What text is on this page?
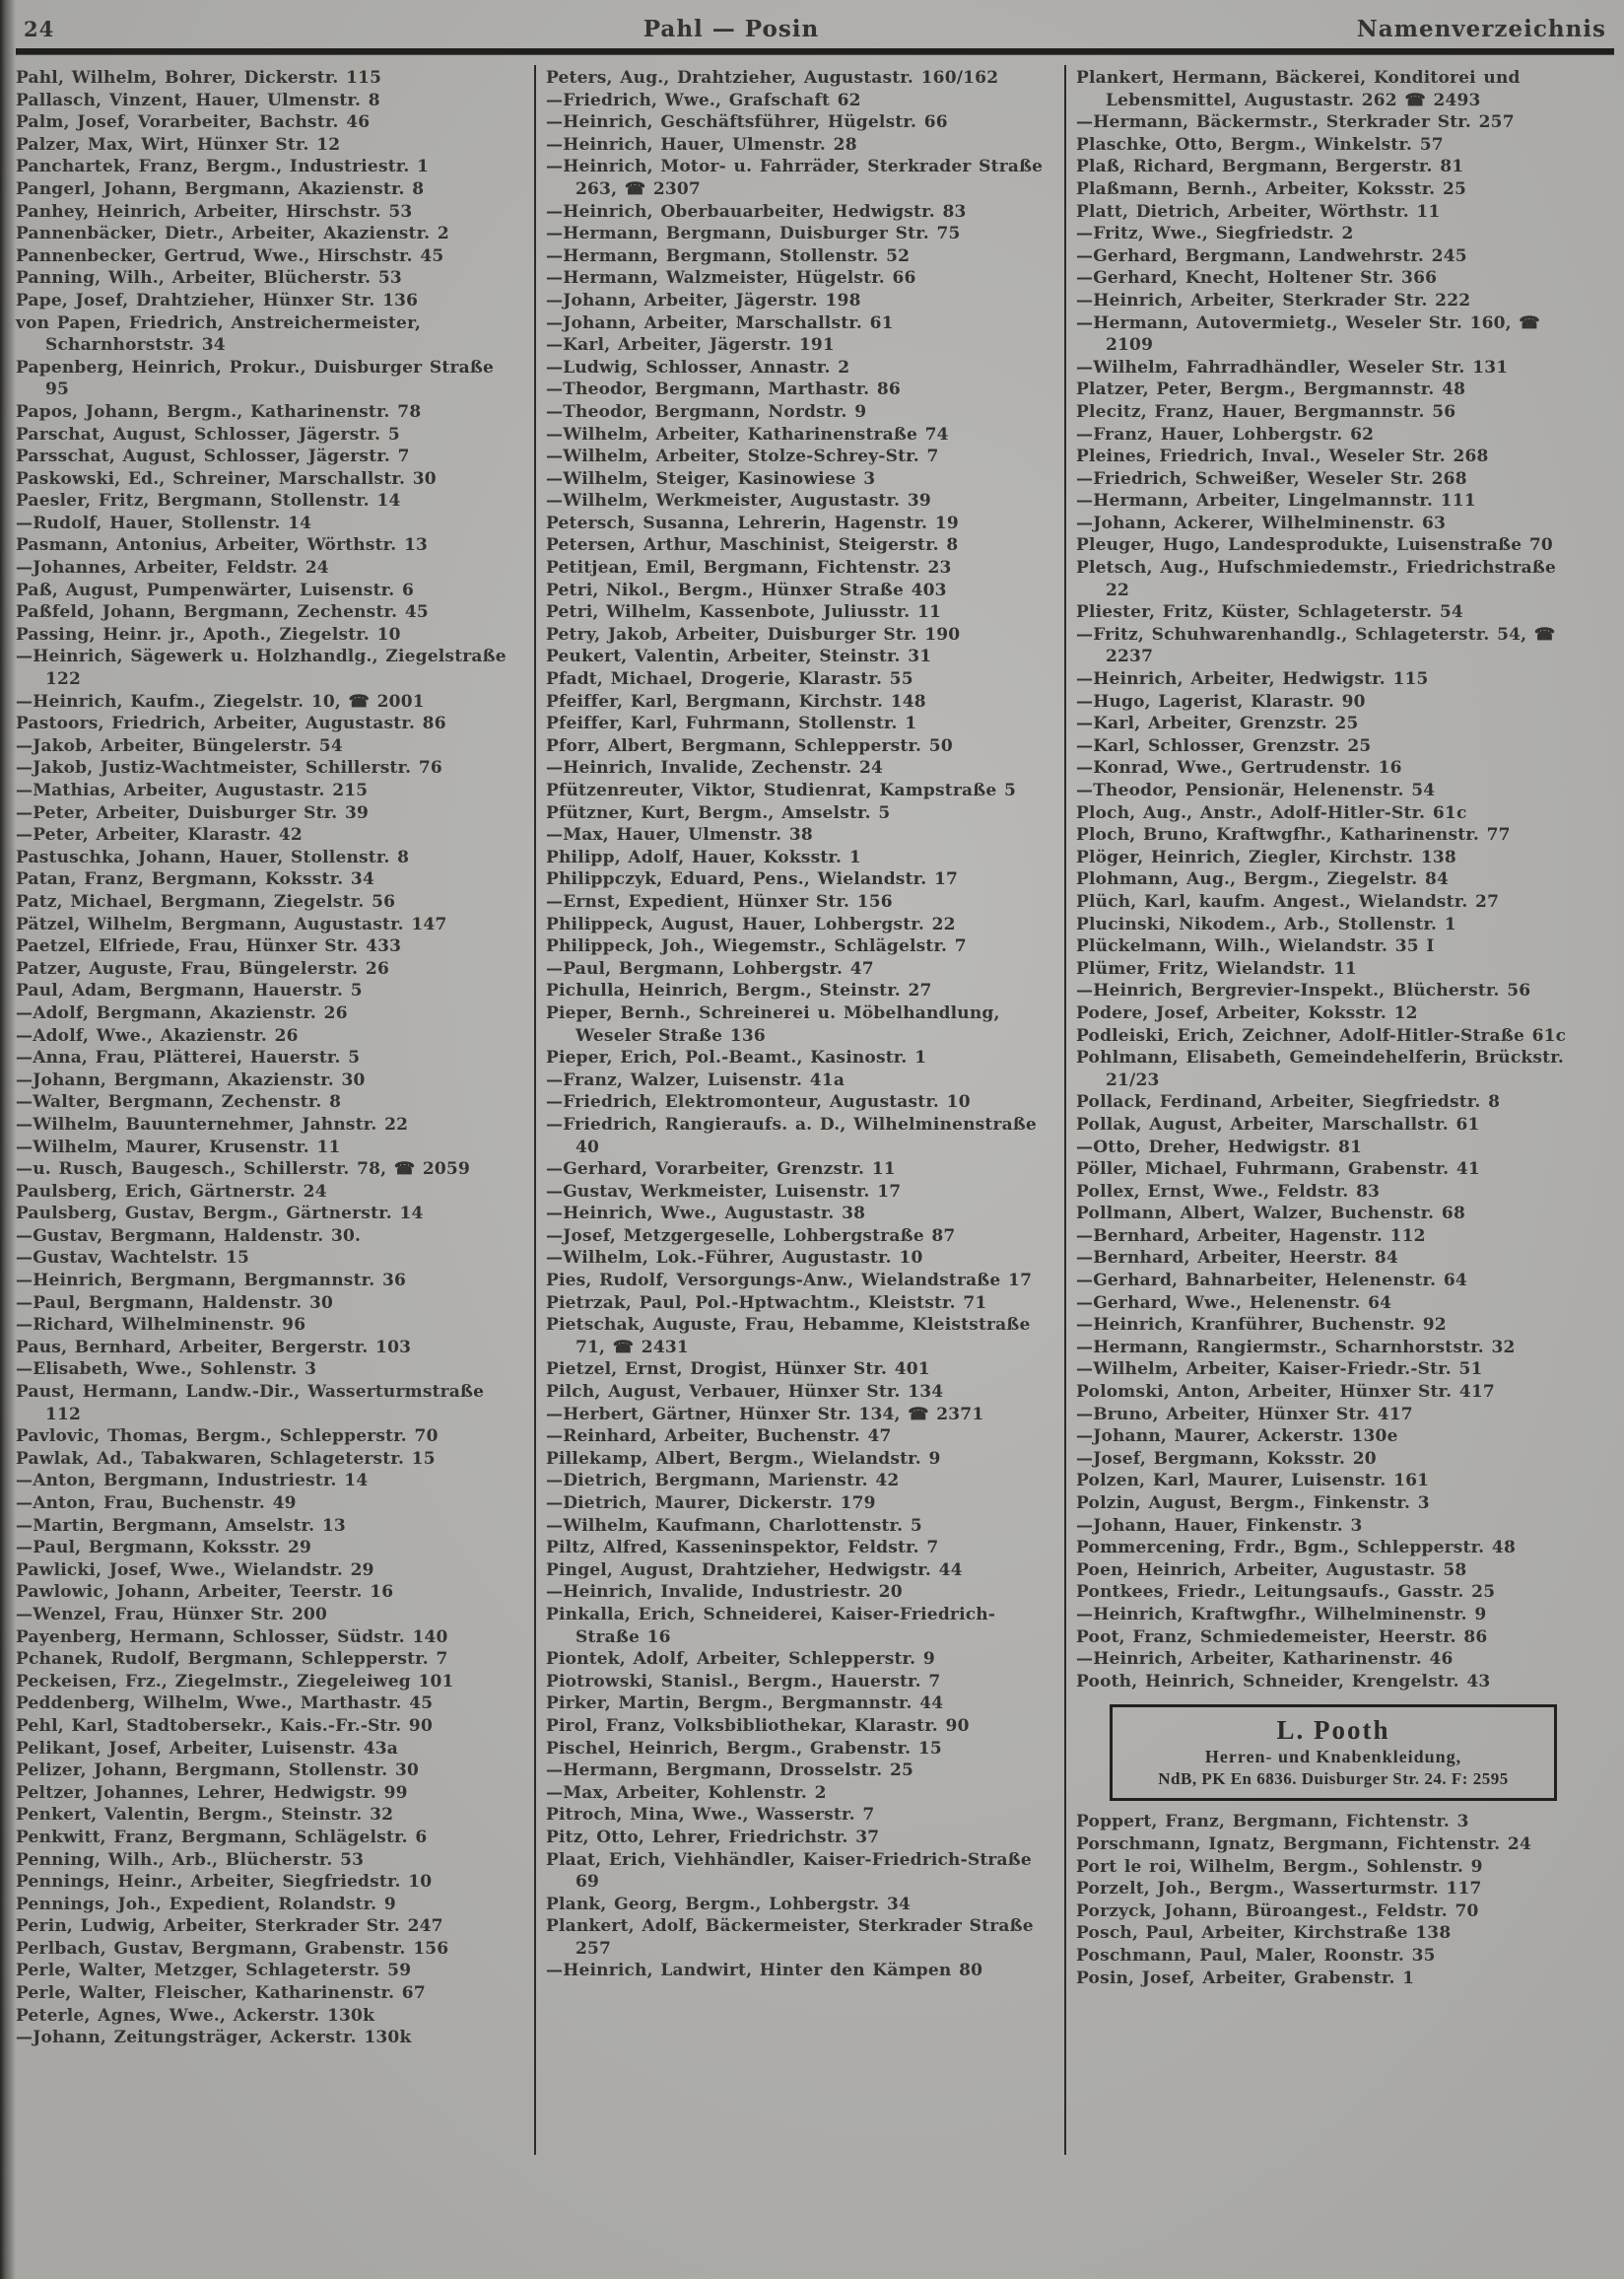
24	Pahl — Posin	Namenverzeichnis

Pahl, Wilhelm, Bohrer, Dickerstr. 115

Pallasch, Vinzent, Hauer, Ulmenstr. 8

Palm, Josef, Vorarbeiter, Bachstr. 46

Palzer, Max, Wirt, Hünxer Str. 12

Panchartek, Franz, Bergm., Industriestr. 1

Pangerl, Johann, Bergmann, Akazienstr. 8

Panhey, Heinrich, Arbeiter, Hirschstr. 53

Pannenbäcker, Dietr., Arbeiter, Akazienstr. 2

Pannenbecker, Gertrud, Wwe., Hirschstr. 45

Panning, Wilh., Arbeiter, Blücherstr. 53

Pape, Josef, Drahtzieher, Hünxer Str. 136

von Papen, Friedrich, Anstreichermeister, Scharnhorststr. 34

Papenberg, Heinrich, Prokur., Duisburger Straße 95

Papos, Johann, Bergm., Katharinenstr. 78

Parschat, August, Schlosser, Jägerstr. 5

Parsschat, August, Schlosser, Jägerstr. 7

Paskowski, Ed., Schreiner, Marschallstr. 30

Paesler, Fritz, Bergmann, Stollenstr. 14

—Rudolf, Hauer, Stollenstr. 14

Pasmann, Antonius, Arbeiter, Wörthstr. 13

—Johannes, Arbeiter, Feldstr. 24

Paß, August, Pumpenwärter, Luisenstr. 6

Paßfeld, Johann, Bergmann, Zechenstr. 45

Passing, Heinr. jr., Apoth., Ziegelstr. 10

—Heinrich, Sägewerk u. Holzhandlg., Ziegelstraße 122

—Heinrich, Kaufm., Ziegelstr. 10, ☎ 2001

Pastoors, Friedrich, Arbeiter, Augustastr. 86

—Jakob, Arbeiter, Büngelerstr. 54

—Jakob, Justiz-Wachtmeister, Schillerstr. 76

—Mathias, Arbeiter, Augustastr. 215

—Peter, Arbeiter, Duisburger Str. 39

—Peter, Arbeiter, Klarastr. 42

Pastuschka, Johann, Hauer, Stollenstr. 8

Patan, Franz, Bergmann, Koksstr. 34

Patz, Michael, Bergmann, Ziegelstr. 56

Pätzel, Wilhelm, Bergmann, Augustastr. 147

Paetzel, Elfriede, Frau, Hünxer Str. 433

Patzer, Auguste, Frau, Büngelerstr. 26

Paul, Adam, Bergmann, Hauerstr. 5

—Adolf, Bergmann, Akazienstr. 26

—Adolf, Wwe., Akazienstr. 26

—Anna, Frau, Plätterei, Hauerstr. 5

—Johann, Bergmann, Akazienstr. 30

—Walter, Bergmann, Zechenstr. 8

—Wilhelm, Bauunternehmer, Jahnstr. 22

—Wilhelm, Maurer, Krusenstr. 11

—u. Rusch, Baugesch., Schillerstr. 78, ☎ 2059

Paulsberg, Erich, Gärtnerstr. 24

Paulsberg, Gustav, Bergm., Gärtnerstr. 14

—Gustav, Bergmann, Haldenstr. 30.

—Gustav, Wachtelstr. 15

—Heinrich, Bergmann, Bergmannstr. 36

—Paul, Bergmann, Haldenstr. 30

—Richard, Wilhelminenstr. 96

Paus, Bernhard, Arbeiter, Bergerstr. 103

—Elisabeth, Wwe., Sohlenstr. 3

Paust, Hermann, Landw.-Dir., Wasserturmstraße 112

Pavlovic, Thomas, Bergm., Schlepperstr. 70

Pawlak, Ad., Tabakwaren, Schlageterstr. 15

—Anton, Bergmann, Industriestr. 14

—Anton, Frau, Buchenstr. 49

—Martin, Bergmann, Amselstr. 13

—Paul, Bergmann, Koksstr. 29

Pawlicki, Josef, Wwe., Wielandstr. 29

Pawlowic, Johann, Arbeiter, Teerstr. 16

—Wenzel, Frau, Hünxer Str. 200

Payenberg, Hermann, Schlosser, Südstr. 140

Pchanek, Rudolf, Bergmann, Schlepperstr. 7

Peckeisen, Frz., Ziegelmstr., Ziegeleiweg 101

Peddenberg, Wilhelm, Wwe., Marthastr. 45

Pehl, Karl, Stadtobersekr., Kais.-Fr.-Str. 90

Pelikant, Josef, Arbeiter, Luisenstr. 43a

Pelizer, Johann, Bergmann, Stollenstr. 30

Peltzer, Johannes, Lehrer, Hedwigstr. 99

Penkert, Valentin, Bergm., Steinstr. 32

Penkwitt, Franz, Bergmann, Schlägelstr. 6

Penning, Wilh., Arb., Blücherstr. 53

Pennings, Heinr., Arbeiter, Siegfriedstr. 10

Pennings, Joh., Expedient, Rolandstr. 9

Perin, Ludwig, Arbeiter, Sterkrader Str. 247

Perlbach, Gustav, Bergmann, Grabenstr. 156

Perle, Walter, Metzger, Schlageterstr. 59

Perle, Walter, Fleischer, Katharinenstr. 67

Peterle, Agnes, Wwe., Ackerstr. 130k

—Johann, Zeitungsträger, Ackerstr. 130k

Peters, Aug., Drahtzieher, Augustastr. 160/162

—Friedrich, Wwe., Grafschaft 62

—Heinrich, Geschäftsführer, Hügelstr. 66

—Heinrich, Hauer, Ulmenstr. 28

—Heinrich, Motor- u. Fahrräder, Sterkrader Straße 263, ☎ 2307

—Heinrich, Oberbauarbeiter, Hedwigstr. 83

—Hermann, Bergmann, Duisburger Str. 75

—Hermann, Bergmann, Stollenstr. 52

—Hermann, Walzmeister, Hügelstr. 66

—Johann, Arbeiter, Jägerstr. 198

—Johann, Arbeiter, Marschallstr. 61

—Karl, Arbeiter, Jägerstr. 191

—Ludwig, Schlosser, Annastr. 2

—Theodor, Bergmann, Marthastr. 86

—Theodor, Bergmann, Nordstr. 9

—Wilhelm, Arbeiter, Katharinenstraße 74

—Wilhelm, Arbeiter, Stolze-Schrey-Str. 7

—Wilhelm, Steiger, Kasinowiese 3

—Wilhelm, Werkmeister, Augustastr. 39

Petersch, Susanna, Lehrerin, Hagenstr. 19

Petersen, Arthur, Maschinist, Steigerstr. 8

Petitjean, Emil, Bergmann, Fichtenstr. 23

Petri, Nikol., Bergm., Hünxer Straße 403

Petri, Wilhelm, Kassenbote, Juliusstr. 11

Petry, Jakob, Arbeiter, Duisburger Str. 190

Peukert, Valentin, Arbeiter, Steinstr. 31

Pfadt, Michael, Drogerie, Klarastr. 55

Pfeiffer, Karl, Bergmann, Kirchstr. 148

Pfeiffer, Karl, Fuhrmann, Stollenstr. 1

Pforr, Albert, Bergmann, Schlepperstr. 50

—Heinrich, Invalide, Zechenstr. 24

Pfützenreuter, Viktor, Studienrat, Kampstraße 5

Pfützner, Kurt, Bergm., Amselstr. 5

—Max, Hauer, Ulmenstr. 38

Philipp, Adolf, Hauer, Koksstr. 1

Philippczyk, Eduard, Pens., Wielandstr. 17

—Ernst, Expedient, Hünxer Str. 156

Philippeck, August, Hauer, Lohbergstr. 22

Philippeck, Joh., Wiegemstr., Schlägelstr. 7

—Paul, Bergmann, Lohbergstr. 47

Pichulla, Heinrich, Bergm., Steinstr. 27

Pieper, Bernh., Schreinerei u. Möbelhandlung, Weseler Straße 136

Pieper, Erich, Pol.-Beamt., Kasinostr. 1

—Franz, Walzer, Luisenstr. 41a

—Friedrich, Elektromonteur, Augustastr. 10

—Friedrich, Rangieraufs. a. D., Wilhelminenstraße 40

—Gerhard, Vorarbeiter, Grenzstr. 11

—Gustav, Werkmeister, Luisenstr. 17

—Heinrich, Wwe., Augustastr. 38

—Josef, Metzgergeselle, Lohbergstraße 87

—Wilhelm, Lok.-Führer, Augustastr. 10

Pies, Rudolf, Versorgungs-Anw., Wielandstraße 17

Pietrzak, Paul, Pol.-Hptwachtm., Kleiststr. 71

Pietschak, Auguste, Frau, Hebamme, Kleiststraße 71, ☎ 2431

Pietzel, Ernst, Drogist, Hünxer Str. 401

Pilch, August, Verbauer, Hünxer Str. 134

—Herbert, Gärtner, Hünxer Str. 134, ☎ 2371

—Reinhard, Arbeiter, Buchenstr. 47

Pillekamp, Albert, Bergm., Wielandstr. 9

—Dietrich, Bergmann, Marienstr. 42

—Dietrich, Maurer, Dickerstr. 179

—Wilhelm, Kaufmann, Charlottenstr. 5

Piltz, Alfred, Kasseninspektor, Feldstr. 7

Pingel, August, Drahtzieher, Hedwigstr. 44

—Heinrich, Invalide, Industriestr. 20

Pinkalla, Erich, Schneiderei, Kaiser-Friedrich-Straße 16

Piontek, Adolf, Arbeiter, Schlepperstr. 9

Piotrowski, Stanisl., Bergm., Hauerstr. 7

Pirker, Martin, Bergm., Bergmannstr. 44

Pirol, Franz, Volksbibliothekar, Klarastr. 90

Pischel, Heinrich, Bergm., Grabenstr. 15

—Hermann, Bergmann, Drosselstr. 25

—Max, Arbeiter, Kohlenstr. 2

Pitroch, Mina, Wwe., Wasserstr. 7

Pitz, Otto, Lehrer, Friedrichstr. 37

Plaat, Erich, Viehhändler, Kaiser-Friedrich-Straße 69

Plank, Georg, Bergm., Lohbergstr. 34

Plankert, Adolf, Bäckermeister, Sterkrader Straße 257

—Heinrich, Landwirt, Hinter den Kämpen 80

Plankert, Hermann, Bäckerei, Konditorei und Lebensmittel, Augustastr. 262 ☎ 2493

—Hermann, Bäckermstr., Sterkrader Str. 257

Plaschke, Otto, Bergm., Winkelstr. 57

Plaß, Richard, Bergmann, Bergerstr. 81

Plaßmann, Bernh., Arbeiter, Koksstr. 25

Platt, Dietrich, Arbeiter, Wörthstr. 11

—Fritz, Wwe., Siegfriedstr. 2

—Gerhard, Bergmann, Landwehrstr. 245

—Gerhard, Knecht, Holtener Str. 366

—Heinrich, Arbeiter, Sterkrader Str. 222

—Hermann, Autovermietg., Weseler Str. 160, ☎ 2109

—Wilhelm, Fahrradhändler, Weseler Str. 131

Platzer, Peter, Bergm., Bergmannstr. 48

Plecitz, Franz, Hauer, Bergmannstr. 56

—Franz, Hauer, Lohbergstr. 62

Pleines, Friedrich, Inval., Weseler Str. 268

—Friedrich, Schweißer, Weseler Str. 268

—Hermann, Arbeiter, Lingelmannstr. 111

—Johann, Ackerer, Wilhelminenstr. 63

Pleuger, Hugo, Landesprodukte, Luisenstraße 70

Pletsch, Aug., Hufschmiedemstr., Friedrichstraße 22

Pliester, Fritz, Küster, Schlageterstr. 54

—Fritz, Schuhwarenhandlg., Schlageterstr. 54, ☎ 2237

—Heinrich, Arbeiter, Hedwigstr. 115

—Hugo, Lagerist, Klarastr. 90

—Karl, Arbeiter, Grenzstr. 25

—Karl, Schlosser, Grenzstr. 25

—Konrad, Wwe., Gertrudenstr. 16

—Theodor, Pensionär, Helenenstr. 54

Ploch, Aug., Anstr., Adolf-Hitler-Str. 61c

Ploch, Bruno, Kraftwgfhr., Katharinenstr. 77

Plöger, Heinrich, Ziegler, Kirchstr. 138

Plohmann, Aug., Bergm., Ziegelstr. 84

Plüch, Karl, kaufm. Angest., Wielandstr. 27

Plucinski, Nikodem., Arb., Stollenstr. 1

Plückelmann, Wilh., Wielandstr. 35 I

Plümer, Fritz, Wielandstr. 11

—Heinrich, Bergrevier-Inspekt., Blücherstr. 56

Podere, Josef, Arbeiter, Koksstr. 12

Podleiski, Erich, Zeichner, Adolf-Hitler-Straße 61c

Pohlmann, Elisabeth, Gemeindehelferin, Brückstr. 21/23

Pollack, Ferdinand, Arbeiter, Siegfriedstr. 8

Pollak, August, Arbeiter, Marschallstr. 61

—Otto, Dreher, Hedwigstr. 81

Pöller, Michael, Fuhrmann, Grabenstr. 41

Pollex, Ernst, Wwe., Feldstr. 83

Pollmann, Albert, Walzer, Buchenstr. 68

—Bernhard, Arbeiter, Hagenstr. 112

—Bernhard, Arbeiter, Heerstr. 84

—Gerhard, Bahnarbeiter, Helenenstr. 64

—Gerhard, Wwe., Helenenstr. 64

—Heinrich, Kranführer, Buchenstr. 92

—Hermann, Rangiermstr., Scharnhorststr. 32

—Wilhelm, Arbeiter, Kaiser-Friedr.-Str. 51

Polomski, Anton, Arbeiter, Hünxer Str. 417

—Bruno, Arbeiter, Hünxer Str. 417

—Johann, Maurer, Ackerstr. 130e

—Josef, Bergmann, Koksstr. 20

Polzen, Karl, Maurer, Luisenstr. 161

Polzin, August, Bergm., Finkenstr. 3

—Johann, Hauer, Finkenstr. 3

Pommercening, Frdr., Bgm., Schlepperstr. 48

Poen, Heinrich, Arbeiter, Augustastr. 58

Pontkees, Friedr., Leitungsaufs., Gasstr. 25

—Heinrich, Kraftwgfhr., Wilhelminenstr. 9

Poot, Franz, Schmiedemeister, Heerstr. 86

—Heinrich, Arbeiter, Katharinenstr. 46

Pooth, Heinrich, Schneider, Krengelstr. 43

L. Pooth
Herren- und Knabenkleidung,
NdB, PK En 6836. Duisburger Str. 24. F: 2595

Poppert, Franz, Bergmann, Fichtenstr. 3

Porschmann, Ignatz, Bergmann, Fichtenstr. 24

Port le roi, Wilhelm, Bergm., Sohlenstr. 9

Porzelt, Joh., Bergm., Wasserturmstr. 117

Porzyck, Johann, Büroangest., Feldstr. 70

Posch, Paul, Arbeiter, Kirchstraße 138

Poschmann, Paul, Maler, Roonstr. 35

Posin, Josef, Arbeiter, Grabenstr. 1
